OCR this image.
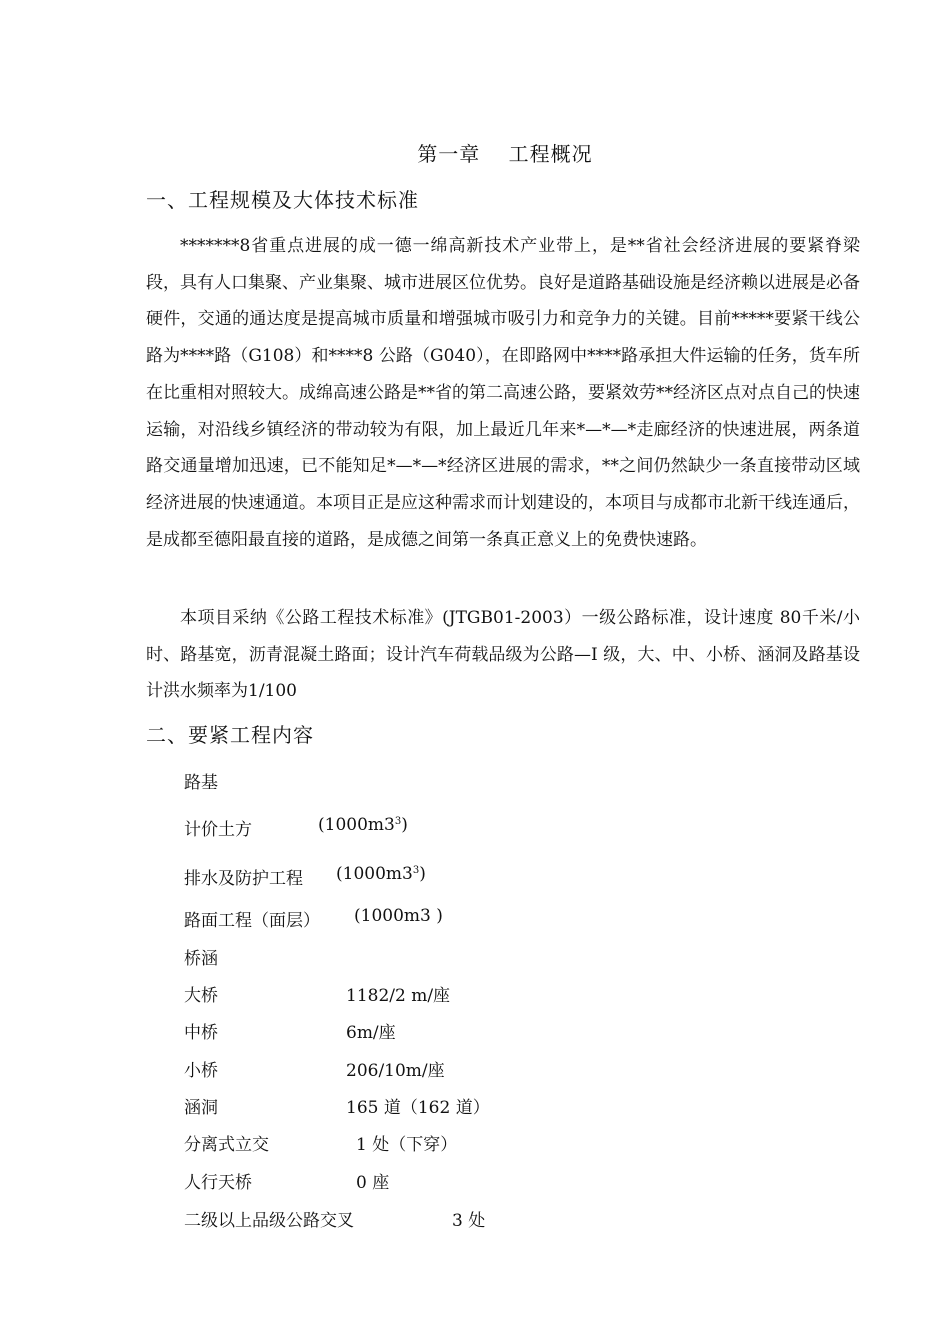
第一章　 工程概况
一、工程规模及大体技术标准

*******8省重点进展的成一德一绵高新技术产业带上，是**省社会经济进展的要紧脊梁段，具有人口集聚、产业集聚、城市进展区位优势。良好是道路基础设施是经济赖以进展是必备硬件，交通的通达度是提高城市质量和增强城市吸引力和竞争力的关键。目前*****要紧干线公路为****路（G108）和****8 公路（G040），在即路网中****路承担大件运输的任务，货车所在比重相对照较大。成绵高速公路是**省的第二高速公路，要紧效劳**经济区点对点自己的快速运输，对沿线乡镇经济的带动较为有限，加上最近几年来*—*—*走廊经济的快速进展，两条道路交通量增加迅速，已不能知足*—*—*经济区进展的需求，**之间仍然缺少一条直接带动区域经济进展的快速通道。本项目正是应这种需求而计划建设的，本项目与成都市北新干线连通后，是成都至德阳最直接的道路，是成德之间第一条真正意义上的免费快速路。

本项目采纳《公路工程技术标准》(JTGB01-2003）一级公路标准，设计速度 80千米/小时、路基宽，沥青混凝土路面；设计汽车荷载品级为公路—I 级，大、中、小桥、涵洞及路基设计洪水频率为1/100

二、要紧工程内容
路基
计价土方	$(1000m3^3)$
排水及防护工程 $(1000m3^3)$
路面工程（面层） (1000m3 )
桥涵
大桥	1182/2 m/座
中桥	6m/座
小桥	206/10m/座
涵洞	165 道（162 道）
分离式立交	1 处（下穿）
人行天桥	0 座
二级以上品级公路交叉	3 处
